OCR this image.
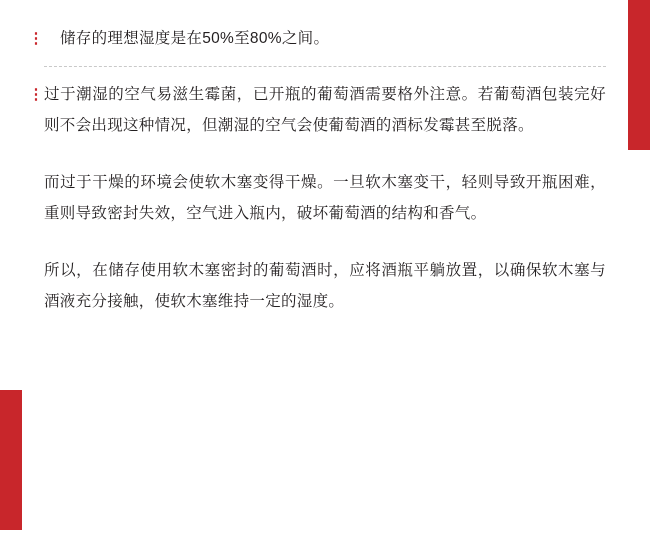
⋮	储存的理想湿度是在50%至80%之间。
⋮ 过于潮湿的空气易滋生霉菌，已开瓶的葡萄酒需要格外注意。若葡萄酒包装完好则不会出现这种情况，但潮湿的空气会使葡萄酒的酒标发霉甚至脱落。
而过于干燥的环境会使软木塞变得干燥。一旦软木塞变干，轻则导致开瓶困难，重则导致密封失效，空气进入瓶内，破坏葡萄酒的结构和香气。
所以，在储存使用软木塞密封的葡萄酒时，应将酒瓶平躺放置，以确保软木塞与酒液充分接触，使软木塞维持一定的湿度。
